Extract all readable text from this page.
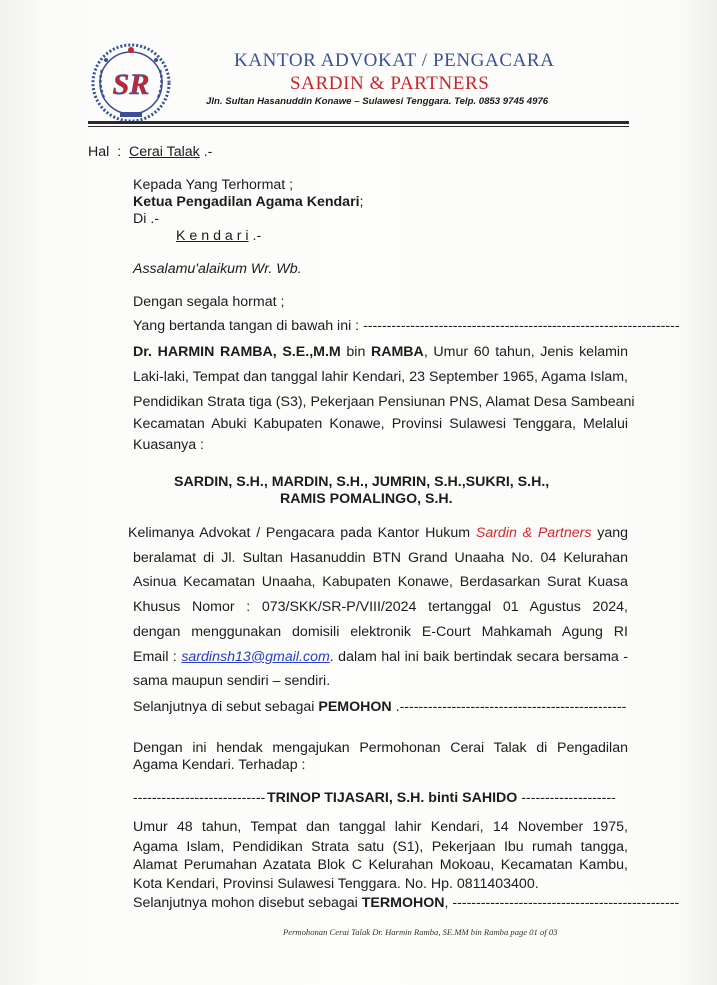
SR
KANTOR ADVOKAT / PENGACARA
SARDIN & PARTNERS
Jln. Sultan Hasanuddin Konawe – Sulawesi Tenggara. Telp. 0853 9745 4976
Hal : Cerai Talak .-
Kepada Yang Terhormat ;
Ketua Pengadilan Agama Kendari;
Di .-
K e n d a r i .-
Assalamu'alaikum Wr. Wb.
Dengan segala hormat ;
Yang bertanda tangan di bawah ini : -------------------------------------------------------------------
Dr. HARMIN RAMBA, S.E.,M.M bin RAMBA, Umur 60 tahun, Jenis kelamin
Laki-laki, Tempat dan tanggal lahir Kendari, 23 September 1965, Agama Islam,
Pendidikan Strata tiga (S3), Pekerjaan Pensiunan PNS, Alamat Desa Sambeani
Kecamatan Abuki Kabupaten Konawe, Provinsi Sulawesi Tenggara, Melalui
Kuasanya :
SARDIN, S.H., MARDIN, S.H., JUMRIN, S.H.,SUKRI, S.H.,
RAMIS POMALINGO, S.H.
Kelimanya Advokat / Pengacara pada Kantor Hukum Sardin & Partners yang
beralamat di Jl. Sultan Hasanuddin BTN Grand Unaaha No. 04 Kelurahan
Asinua Kecamatan Unaaha, Kabupaten Konawe, Berdasarkan Surat Kuasa
Khusus Nomor : 073/SKK/SR-P/VIII/2024 tertanggal 01 Agustus 2024,
dengan menggunakan domisili elektronik E-Court Mahkamah Agung RI
Email : sardinsh13@gmail.com. dalam hal ini baik bertindak secara bersama -
sama maupun sendiri – sendiri.
Selanjutnya di sebut sebagai PEMOHON .------------------------------------------------
Dengan ini hendak mengajukan Permohonan Cerai Talak di Pengadilan
Agama Kendari. Terhadap :
---------------------------- TRINOP TIJASARI, S.H. binti SAHIDO --------------------
Umur 48 tahun, Tempat dan tanggal lahir Kendari, 14 November 1975,
Agama Islam, Pendidikan Strata satu (S1), Pekerjaan Ibu rumah tangga,
Alamat Perumahan Azatata Blok C Kelurahan Mokoau, Kecamatan Kambu,
Kota Kendari, Provinsi Sulawesi Tenggara. No. Hp. 0811403400.
Selanjutnya mohon disebut sebagai TERMOHON, ------------------------------------------------
Permohonan Cerai Talak Dr. Harmin Ramba, SE.MM bin Ramba page 01 of 03
